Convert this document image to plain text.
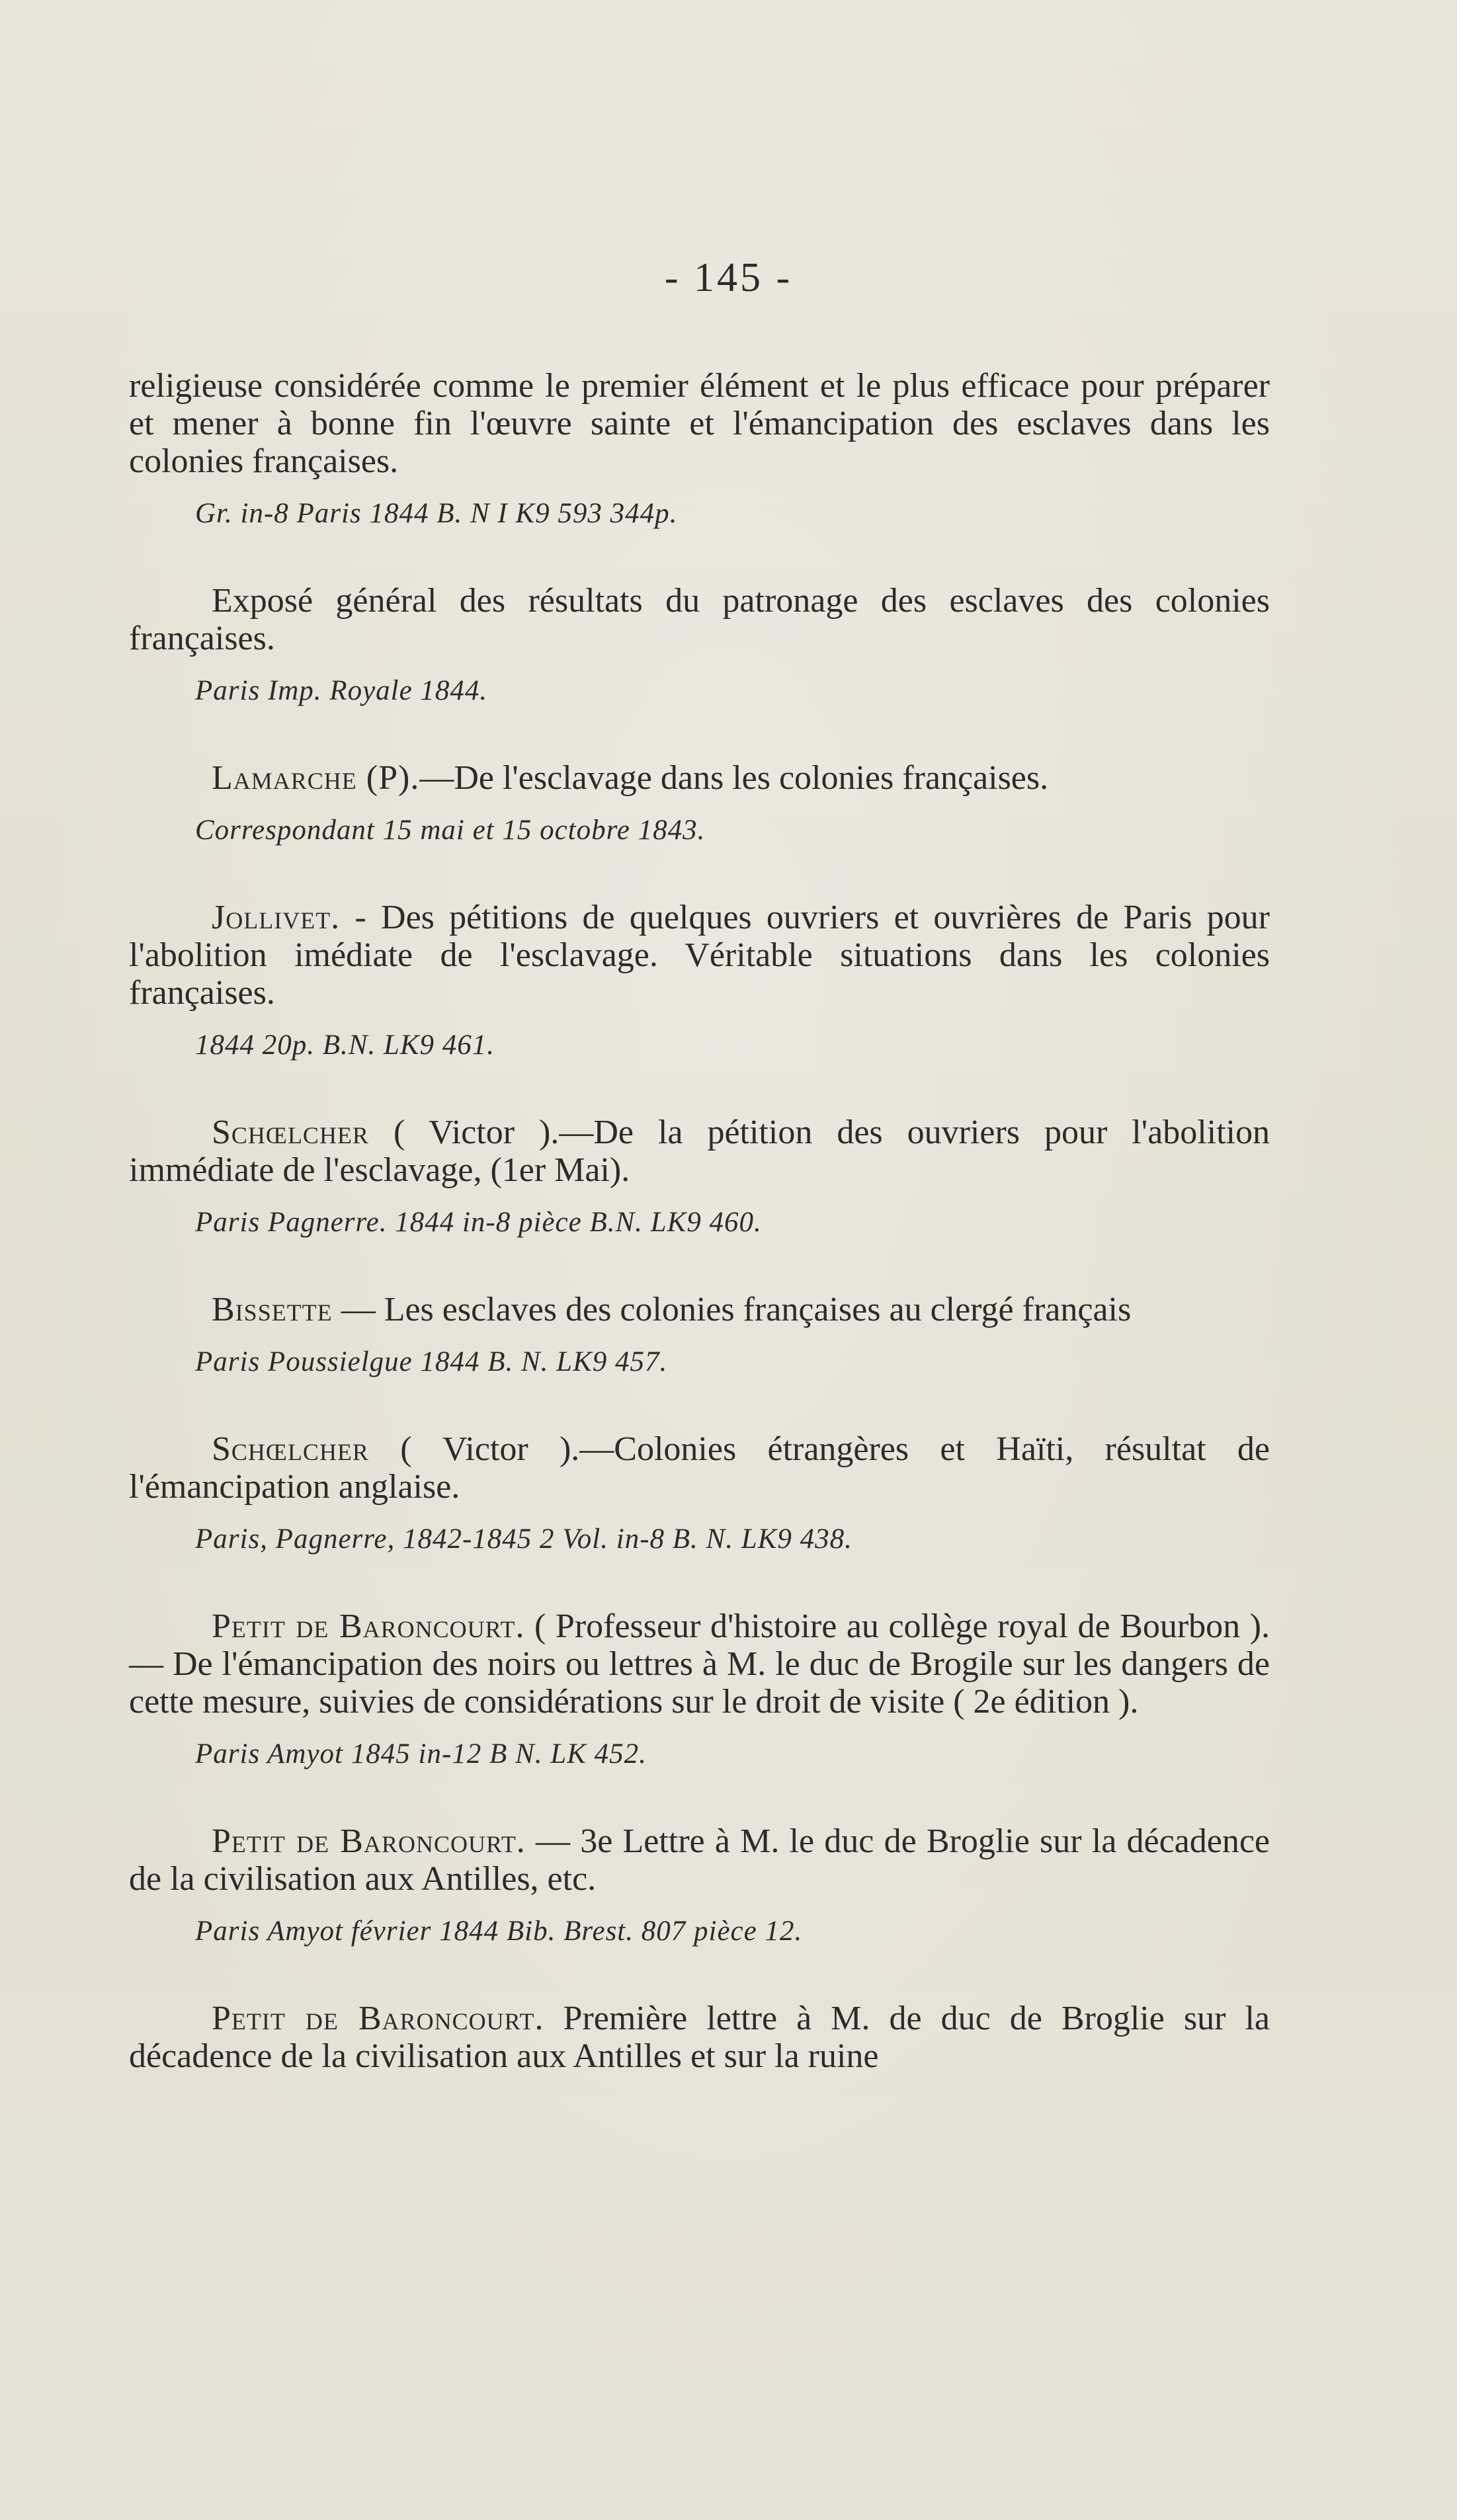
- 145 -

religieuse considérée comme le premier élément et le plus efficace pour préparer et mener à bonne fin l'œuvre sainte et l'émancipation des esclaves dans les colonies françaises.

Gr. in-8 Paris 1844 B. N I K9 593 344p.

Exposé général des résultats du patronage des esclaves des colonies françaises.

Paris Imp. Royale 1844.

Lamarche (P).—De l'esclavage dans les colonies françaises.

Correspondant 15 mai et 15 octobre 1843.

Jollivet. - Des pétitions de quelques ouvriers et ouvrières de Paris pour l'abolition imédiate de l'esclavage. Véritable situations dans les colonies françaises.

1844 20p. B.N. LK9 461.

Schœlcher ( Victor ).—De la pétition des ouvriers pour l'abolition immédiate de l'esclavage, (1er Mai).

Paris Pagnerre. 1844 in-8 pièce B.N. LK9 460.

Bissette — Les esclaves des colonies françaises au clergé français

Paris Poussielgue 1844 B. N. LK9 457.

Schœlcher ( Victor ).—Colonies étrangères et Haïti, résultat de l'émancipation anglaise.

Paris, Pagnerre, 1842-1845 2 Vol. in-8 B. N. LK9 438.

Petit de Baroncourt. ( Professeur d'histoire au collège royal de Bourbon ).— De l'émancipation des noirs ou lettres à M. le duc de Brogile sur les dangers de cette mesure, suivies de considérations sur le droit de visite ( 2e édition ).

Paris Amyot 1845 in-12 B N. LK 452.

Petit de Baroncourt. — 3e Lettre à M. le duc de Broglie sur la décadence de la civilisation aux Antilles, etc.

Paris Amyot février 1844 Bib. Brest. 807 pièce 12.

Petit de Baroncourt. Première lettre à M. de duc de Broglie sur la décadence de la civilisation aux Antilles et sur la ruine
